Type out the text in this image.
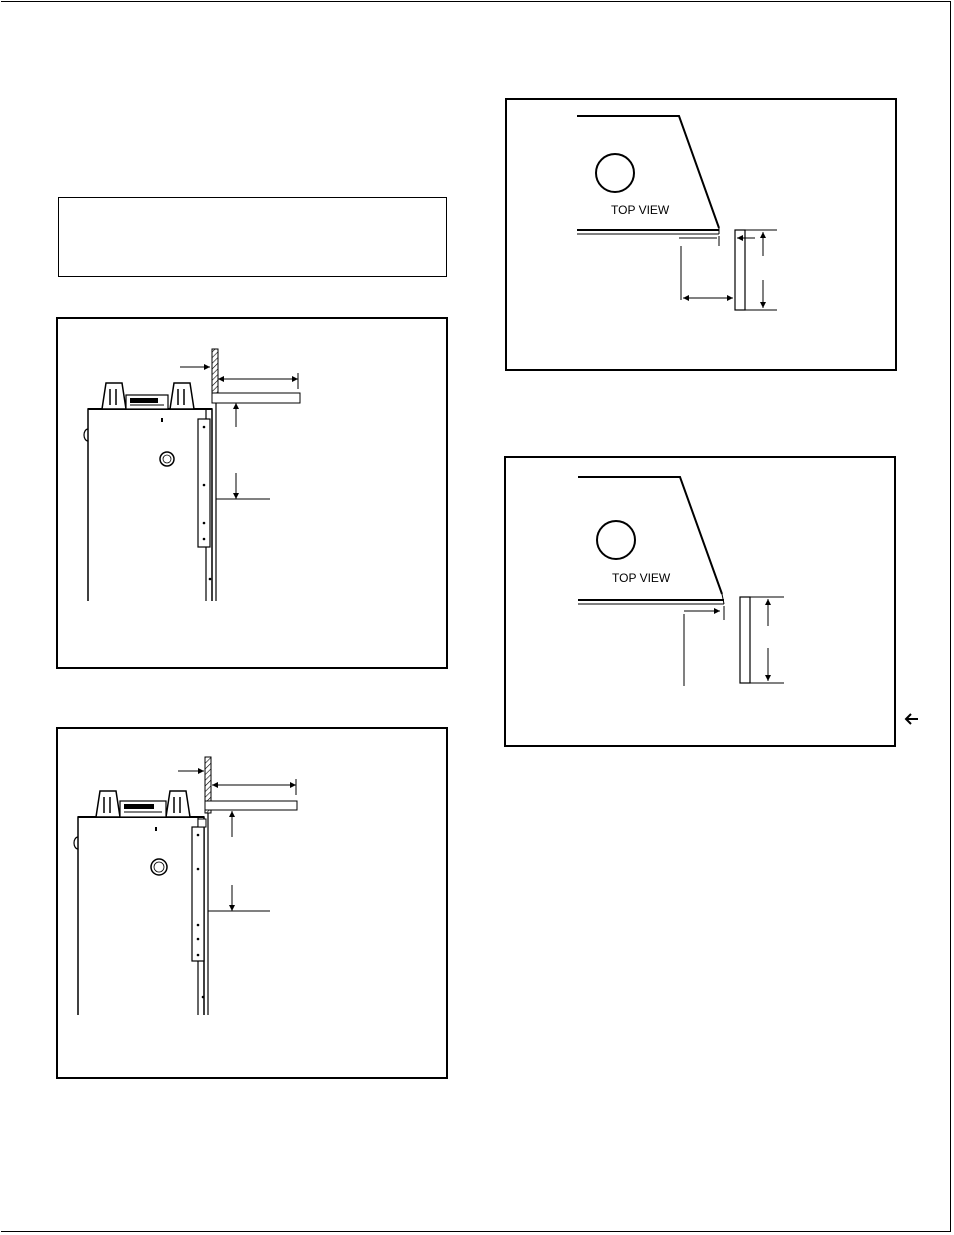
TOP VIEW
TOP VIEW
